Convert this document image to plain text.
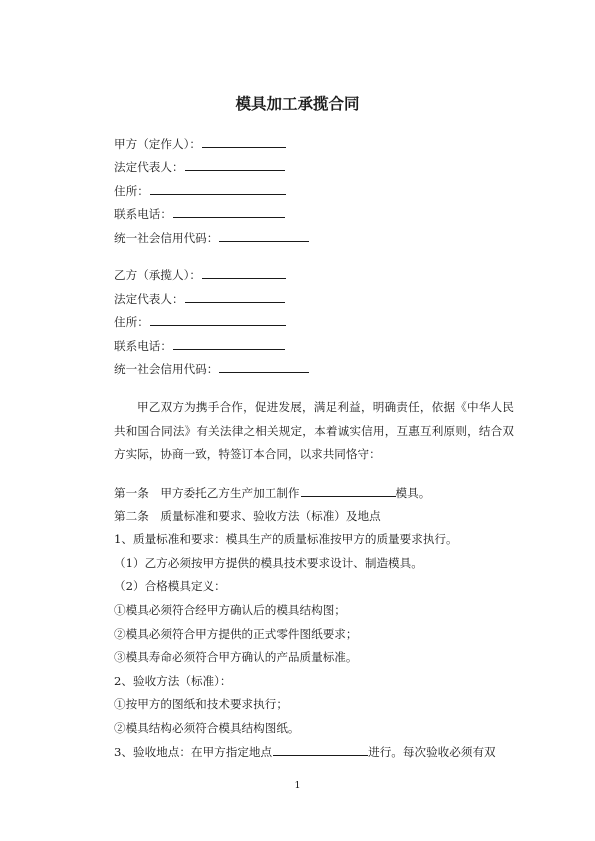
模具加工承揽合同
甲方（定作人）：
法定代表人：
住所：
联系电话：
统一社会信用代码：
乙方（承揽人）：
法定代表人：
住所：
联系电话：
统一社会信用代码：
甲乙双方为携手合作，促进发展，满足利益，明确责任，依据《中华人民共和国合同法》有关法律之相关规定，本着诚实信用，互惠互利原则，结合双方实际，协商一致，特签订本合同，以求共同恪守：
第一条　甲方委托乙方生产加工制作	模具。
第二条　质量标准和要求、验收方法（标准）及地点
1、质量标准和要求：模具生产的质量标准按甲方的质量要求执行。
（1）乙方必须按甲方提供的模具技术要求设计、制造模具。
（2）合格模具定义：
①模具必须符合经甲方确认后的模具结构图；
②模具必须符合甲方提供的正式零件图纸要求；
③模具寿命必须符合甲方确认的产品质量标准。
2、验收方法（标准）：
①按甲方的图纸和技术要求执行；
②模具结构必须符合模具结构图纸。
3、验收地点：在甲方指定地点	进行。每次验收必须有双
1
